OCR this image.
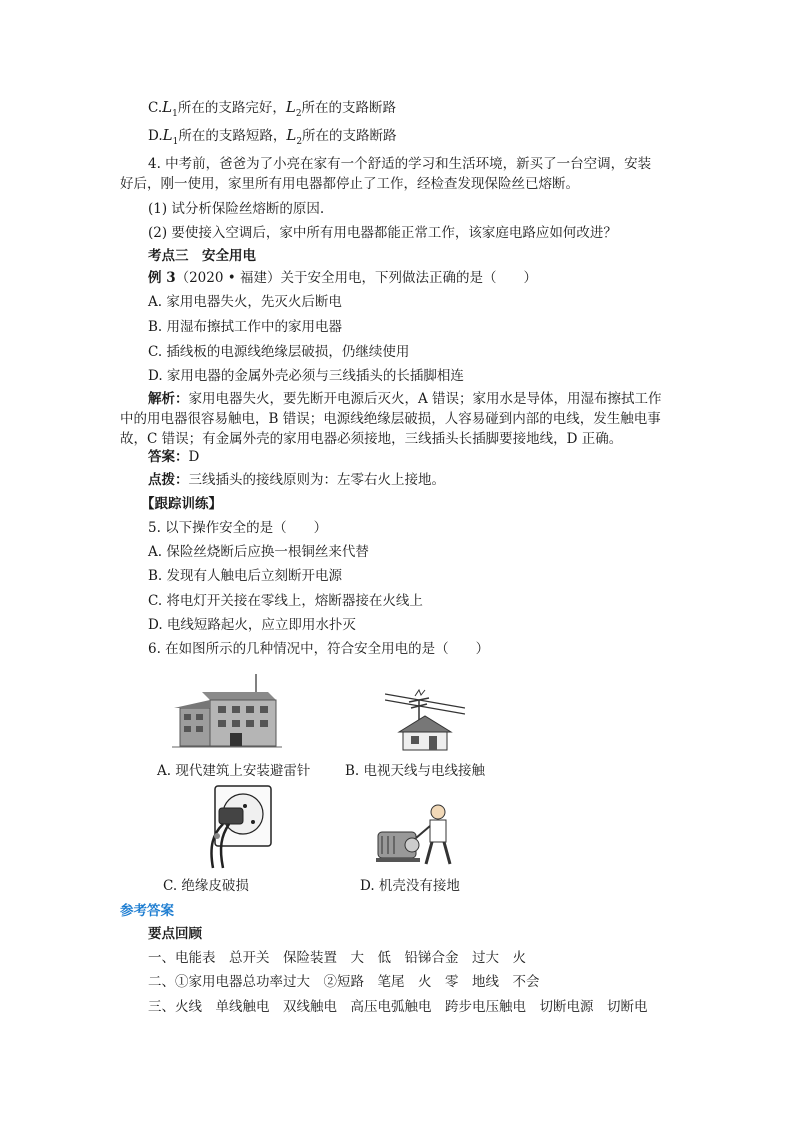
$C.L_1$所在的支路完好，$L_2$所在的支路断路
$D.L_1$所在的支路短路，$L_2$所在的支路断路
4. 中考前，爸爸为了小亮在家有一个舒适的学习和生活环境，新买了一台空调，安装
好后，刚一使用，家里所有用电器都停止了工作，经检查发现保险丝已熔断。
(1) 试分析保险丝熔断的原因.
(2) 要使接入空调后，家中所有用电器都能正常工作，该家庭电路应如何改进？
考点三　安全用电
例 3（2020 • 福建）关于安全用电，下列做法正确的是（　　）
A. 家用电器失火，先灭火后断电
B. 用湿布擦拭工作中的家用电器
C. 插线板的电源线绝缘层破损，仍继续使用
D. 家用电器的金属外壳必须与三线插头的长插脚相连
解析：家用电器失火，要先断开电源后灭火，A 错误；家用水是导体，用湿布擦拭工作
中的用电器很容易触电，B 错误；电源线绝缘层破损，人容易碰到内部的电线，发生触电事
故，C 错误；有金属外壳的家用电器必须接地，三线插头长插脚要接地线，D 正确。
答案：D
点拨：三线插头的接线原则为：左零右火上接地。
【跟踪训练】
5. 以下操作安全的是（　　）
A. 保险丝烧断后应换一根铜丝来代替
B. 发现有人触电后立刻断开电源
C. 将电灯开关接在零线上，熔断器接在火线上
D. 电线短路起火，应立即用水扑灭
6. 在如图所示的几种情况中，符合安全用电的是（　　）
A. 现代建筑上安装避雷针	B. 电视天线与电线接触
C. 绝缘皮破损	D. 机壳没有接地
参考答案
要点回顾
一、电能表　总开关　保险装置　大　低　铅锑合金　过大　火
二、①家用电器总功率过大　②短路　笔尾　火　零　地线　不会
三、火线　单线触电　双线触电　高压电弧触电　跨步电压触电　切断电源　切断电
